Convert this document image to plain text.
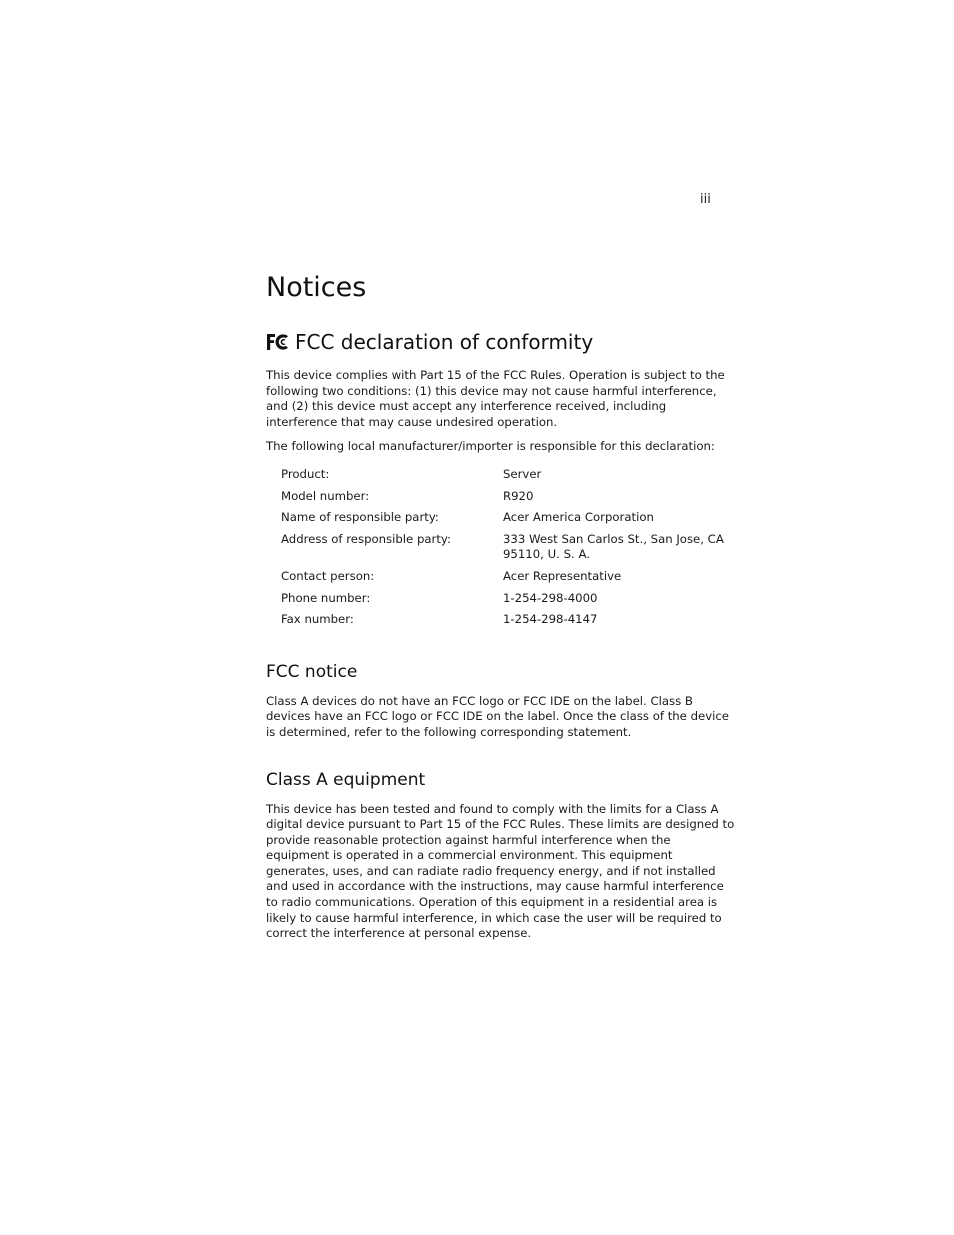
iii
Notices
FCC declaration of conformity

This device complies with Part 15 of the FCC Rules. Operation is subject to the following two conditions: (1) this device may not cause harmful interference, and (2) this device must accept any interference received, including interference that may cause undesired operation.

The following local manufacturer/importer is responsible for this declaration:

Product:	Server
Model number:	R920
Name of responsible party:	Acer America Corporation
Address of responsible party:	333 West San Carlos St., San Jose, CA 95110, U. S. A.
Contact person:	Acer Representative
Phone number:	1-254-298-4000
Fax number:	1-254-298-4147
FCC notice

Class A devices do not have an FCC logo or FCC IDE on the label. Class B devices have an FCC logo or FCC IDE on the label. Once the class of the device is determined, refer to the following corresponding statement.

Class A equipment

This device has been tested and found to comply with the limits for a Class A digital device pursuant to Part 15 of the FCC Rules. These limits are designed to provide reasonable protection against harmful interference when the equipment is operated in a commercial environment. This equipment generates, uses, and can radiate radio frequency energy, and if not installed and used in accordance with the instructions, may cause harmful interference to radio communications. Operation of this equipment in a residential area is likely to cause harmful interference, in which case the user will be required to correct the interference at personal expense.
